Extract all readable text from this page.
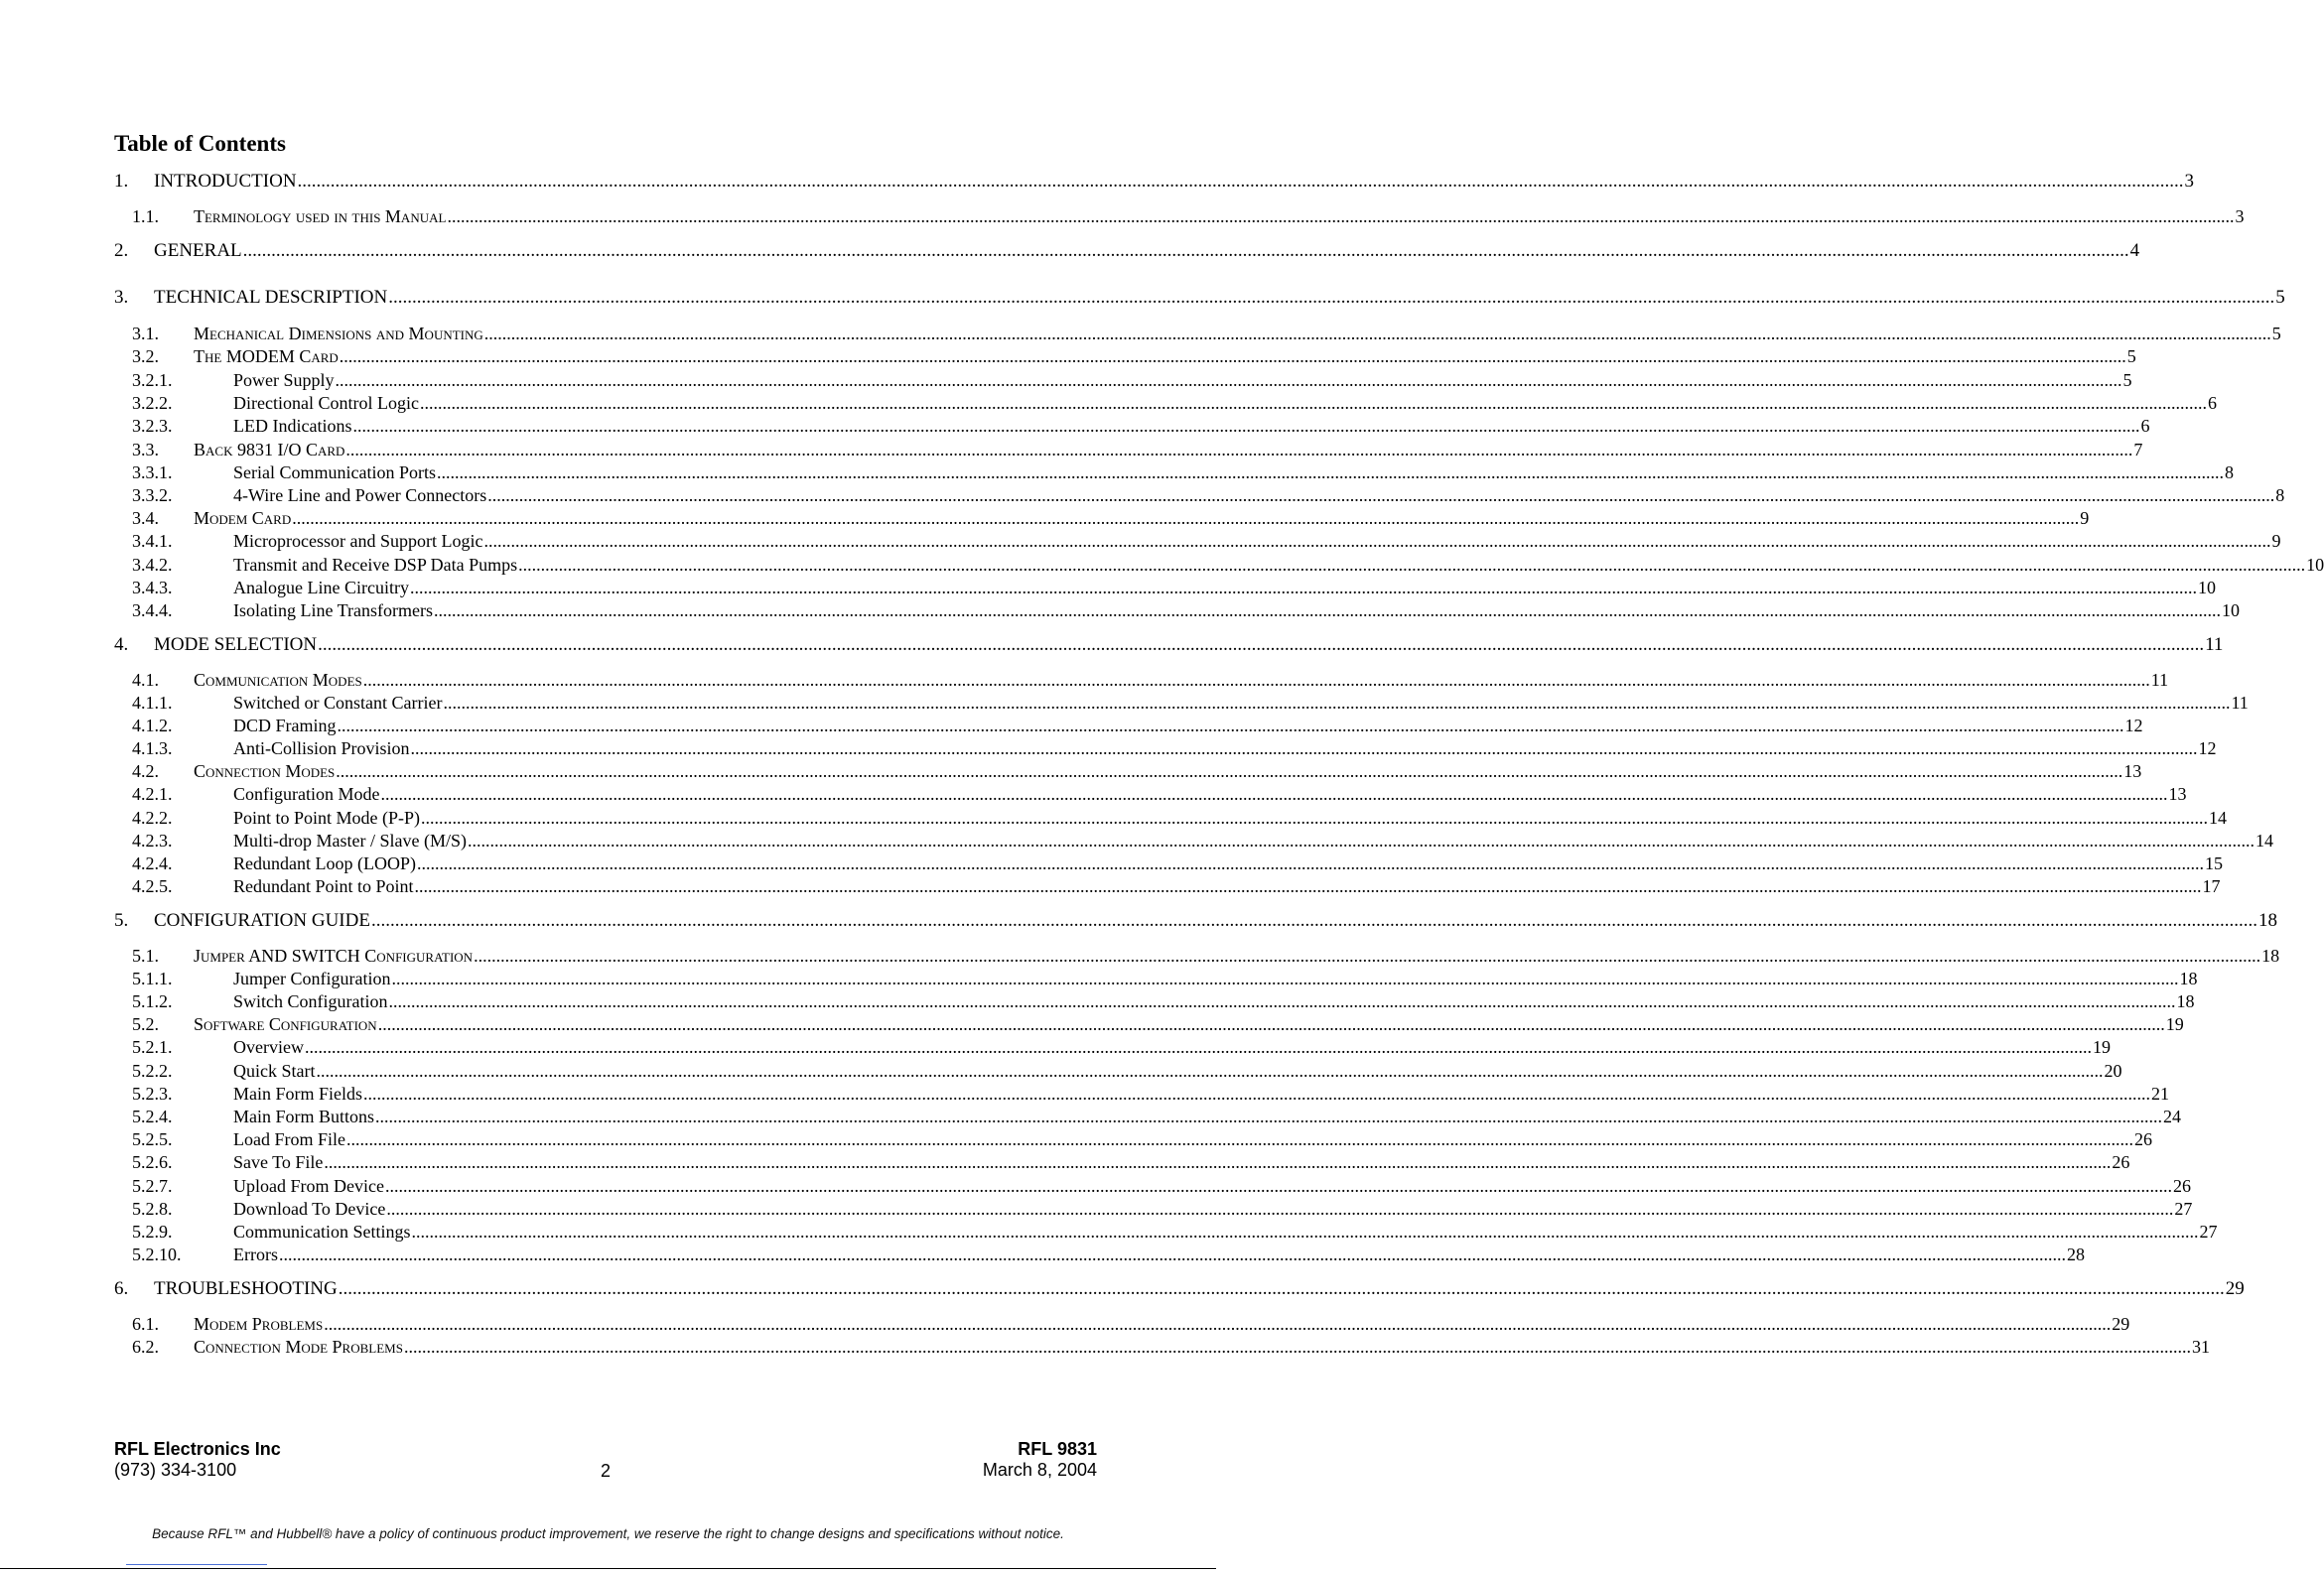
Table of Contents
1.	INTRODUCTION ................................................................................................................................................................................................................................................................................................................................................................................................................ 3
1.1.	Terminology used in this Manual ................................................................................................................................................................................................................................................................................................................................................................................................................ 3
2.	GENERAL ................................................................................................................................................................................................................................................................................................................................................................................................................ 4
3.	TECHNICAL DESCRIPTION ................................................................................................................................................................................................................................................................................................................................................................................................................ 5
3.1.	Mechanical Dimensions and Mounting ................................................................................................................................................................................................................................................................................................................................................................................................................ 5
3.2.	The MODEM Card ................................................................................................................................................................................................................................................................................................................................................................................................................ 5
3.2.1.	Power Supply ................................................................................................................................................................................................................................................................................................................................................................................................................ 5
3.2.2.	Directional Control Logic ................................................................................................................................................................................................................................................................................................................................................................................................................ 6
3.2.3.	LED Indications ................................................................................................................................................................................................................................................................................................................................................................................................................ 6
3.3.	Back 9831 I/O Card ................................................................................................................................................................................................................................................................................................................................................................................................................ 7
3.3.1.	Serial Communication Ports ................................................................................................................................................................................................................................................................................................................................................................................................................ 8
3.3.2.	4-Wire Line and Power Connectors ................................................................................................................................................................................................................................................................................................................................................................................................................ 8
3.4.	Modem Card ................................................................................................................................................................................................................................................................................................................................................................................................................ 9
3.4.1.	Microprocessor and Support Logic ................................................................................................................................................................................................................................................................................................................................................................................................................ 9
3.4.2.	Transmit and Receive DSP Data Pumps ................................................................................................................................................................................................................................................................................................................................................................................................................ 10
3.4.3.	Analogue Line Circuitry ................................................................................................................................................................................................................................................................................................................................................................................................................ 10
3.4.4.	Isolating Line Transformers ................................................................................................................................................................................................................................................................................................................................................................................................................ 10
4.	MODE SELECTION ................................................................................................................................................................................................................................................................................................................................................................................................................ 11
4.1.	Communication Modes ................................................................................................................................................................................................................................................................................................................................................................................................................ 11
4.1.1.	Switched or Constant Carrier ................................................................................................................................................................................................................................................................................................................................................................................................................ 11
4.1.2.	DCD Framing ................................................................................................................................................................................................................................................................................................................................................................................................................ 12
4.1.3.	Anti-Collision Provision ................................................................................................................................................................................................................................................................................................................................................................................................................ 12
4.2.	Connection Modes ................................................................................................................................................................................................................................................................................................................................................................................................................ 13
4.2.1.	Configuration Mode ................................................................................................................................................................................................................................................................................................................................................................................................................ 13
4.2.2.	Point to Point Mode (P-P) ................................................................................................................................................................................................................................................................................................................................................................................................................ 14
4.2.3.	Multi-drop Master / Slave (M/S) ................................................................................................................................................................................................................................................................................................................................................................................................................ 14
4.2.4.	Redundant Loop (LOOP) ................................................................................................................................................................................................................................................................................................................................................................................................................ 15
4.2.5.	Redundant Point to Point ................................................................................................................................................................................................................................................................................................................................................................................................................ 17
5.	CONFIGURATION GUIDE ................................................................................................................................................................................................................................................................................................................................................................................................................ 18
5.1.	Jumper AND SWITCH Configuration ................................................................................................................................................................................................................................................................................................................................................................................................................ 18
5.1.1.	Jumper Configuration ................................................................................................................................................................................................................................................................................................................................................................................................................ 18
5.1.2.	Switch Configuration ................................................................................................................................................................................................................................................................................................................................................................................................................ 18
5.2.	Software Configuration ................................................................................................................................................................................................................................................................................................................................................................................................................ 19
5.2.1.	Overview ................................................................................................................................................................................................................................................................................................................................................................................................................ 19
5.2.2.	Quick Start ................................................................................................................................................................................................................................................................................................................................................................................................................ 20
5.2.3.	Main Form Fields ................................................................................................................................................................................................................................................................................................................................................................................................................ 21
5.2.4.	Main Form Buttons ................................................................................................................................................................................................................................................................................................................................................................................................................ 24
5.2.5.	Load From File ................................................................................................................................................................................................................................................................................................................................................................................................................ 26
5.2.6.	Save To File ................................................................................................................................................................................................................................................................................................................................................................................................................ 26
5.2.7.	Upload From Device ................................................................................................................................................................................................................................................................................................................................................................................................................ 26
5.2.8.	Download To Device ................................................................................................................................................................................................................................................................................................................................................................................................................ 27
5.2.9.	Communication Settings ................................................................................................................................................................................................................................................................................................................................................................................................................ 27
5.2.10.	Errors ................................................................................................................................................................................................................................................................................................................................................................................................................ 28
6.	TROUBLESHOOTING ................................................................................................................................................................................................................................................................................................................................................................................................................ 29
6.1.	Modem Problems ................................................................................................................................................................................................................................................................................................................................................................................................................ 29
6.2.	Connection Mode Problems ................................................................................................................................................................................................................................................................................................................................................................................................................ 31
RFL Electronics Inc
(973) 334-3100	2
RFL 9831
March 8, 2004
Because RFL™ and Hubbell® have a policy of continuous product improvement, we reserve the right to change designs and specifications without notice.
